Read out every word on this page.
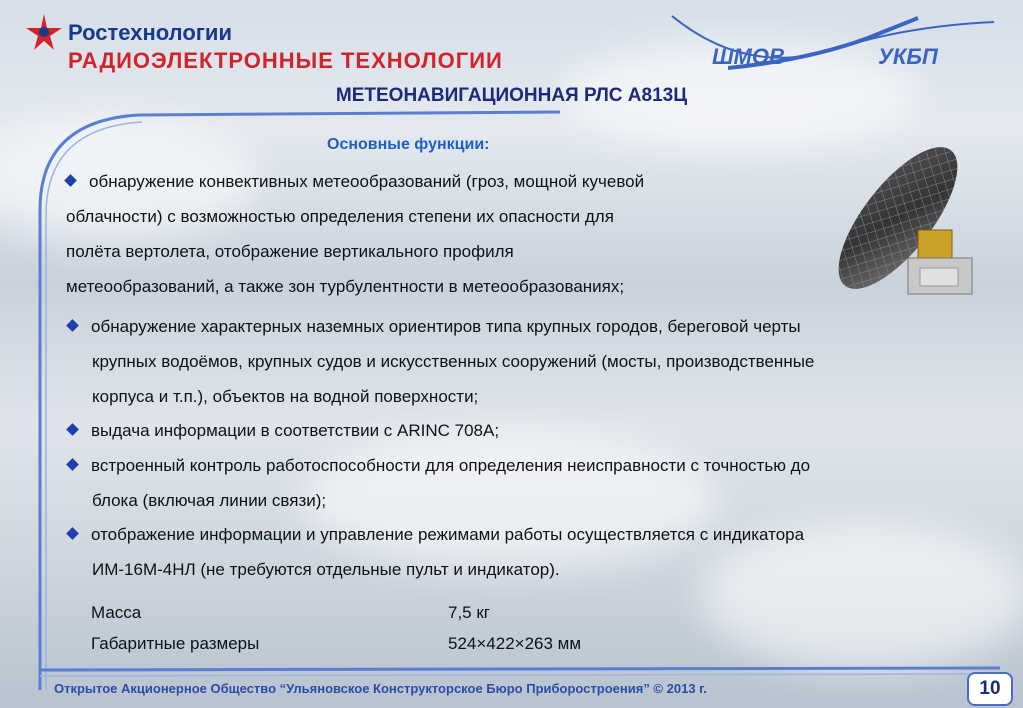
Ростехнологии
РАДИОЭЛЕКТРОННЫЕ ТЕХНОЛОГИИ	ШМОВ	УКБП
МЕТЕОНАВИГАЦИОННАЯ РЛС А813Ц
Основные функции:
обнаружение конвективных метеообразований (гроз, мощной кучевой
облачности) с возможностью определения степени их опасности для
полёта вертолета, отображение вертикального профиля
метеообразований, а также зон турбулентности в метеообразованиях;
обнаружение характерных наземных ориентиров типа крупных городов, береговой черты
крупных водоёмов, крупных судов и искусственных сооружений (мосты, производственные
корпуса и т.п.), объектов на водной поверхности;
выдача информации в соответствии с ARINC 708A;
встроенный контроль работоспособности для определения неисправности с точностью до
блока (включая линии связи);
отображение информации и управление режимами работы осуществляется с индикатора
ИМ-16М-4НЛ (не требуются отдельные пульт и индикатор).
Масса	7,5 кг
Габаритные размеры	524×422×263 мм
Открытое Акционерное Общество “Ульяновское Конструкторское Бюро Приборостроения” © 2013 г.	10
